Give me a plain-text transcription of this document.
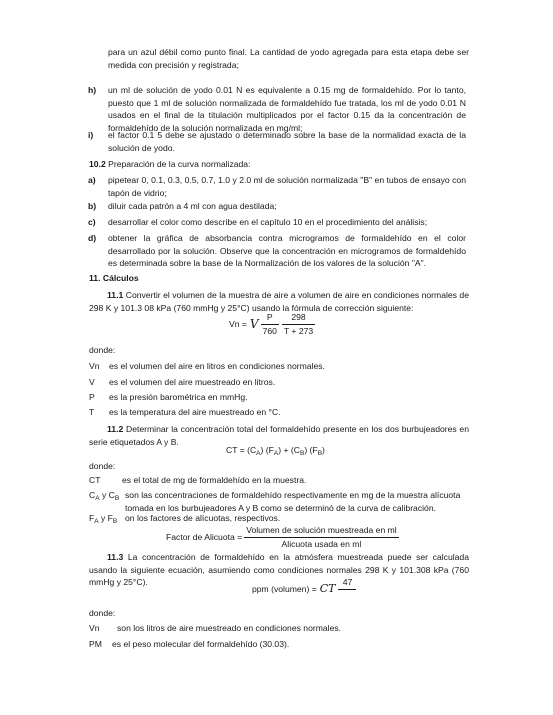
para un azul débil como punto final. La cantidad de yodo agregada para esta etapa debe ser medida con precisión y registrada;
h) un ml de solución de yodo 0.01 N es equivalente a 0.15 mg de formaldehído. Por lo tanto, puesto que 1 ml de solución normalizada de formaldehído fue tratada, los ml de yodo 0.01 N usados en el final de la titulación multiplicados por el factor 0.15 da la concentración de formaldehído de la solución normalizada en mg/ml;
i) el factor 0.1 5 debe se ajustado o determinado sobre la base de la normalidad exacta de la solución de yodo.
10.2 Preparación de la curva normalizada:
a) pipetear 0, 0.1, 0.3, 0.5, 0.7, 1.0 y 2.0 ml de solución normalizada "B" en tubos de ensayo con tapón de vidrio;
b) diluir cada patrón a 4 ml con agua destilada;
c) desarrollar el color como describe en el capítulo 10 en el procedimiento del análisis;
d) obtener la gráfica de absorbancia contra microgramos de formaldehído en el color desarrollado por la solución. Observe que la concentración en microgramos de formaldehído es determinada sobre la base de la Normalización de los valores de la solución "A".
11. Cálculos
11.1 Convertir el volumen de la muestra de aire a volumen de aire en condiciones normales de 298 K y 101.3 08 kPa (760 mmHg y 25°C) usando la fórmula de corrección siguiente:
Vn = V $\frac{P}{760} \frac{298}{T + 273}$
donde:
Vn es el volumen del aire en litros en condiciones normales.
V es el volumen del aire muestreado en litros.
P es la presión barométrica en mmHg.
T es la temperatura del aire muestreado en °C.
11.2 Determinar la concentración total del formaldehído presente en los dos burbujeadores en serie etiquetados A y B.
CT = $(C_A) (F_A) + (C_B)$ $(F_B)$
donde:
CT	es el total de mg de formaldehído en la muestra.
$C_A$ y $C_B$ son las concentraciones de formaldehído respectivamente en mg de la muestra alícuota tomada en los burbujeadores A y B como se determinó de la curva de calibración.
$F_A$ y $F_B$ on los factores de alícuotas, respectivos.
Factor de Alicuota = $\frac{\text{Volumen de solución muestreada en ml}}{\text{Alicuota usada en ml}}$
11.3 La concentración de formaldehído en la atmósfera muestreada puede ser calculada usando la siguiente ecuación, asumiendo como condiciones normales 298 K y 101.308 kPa (760 mmHg y 25°C).
ppm (volumen) = CT 47

donde:
Vn son los litros de aire muestreado en condiciones normales.
PM es el peso molecular del formaldehído (30.03).
